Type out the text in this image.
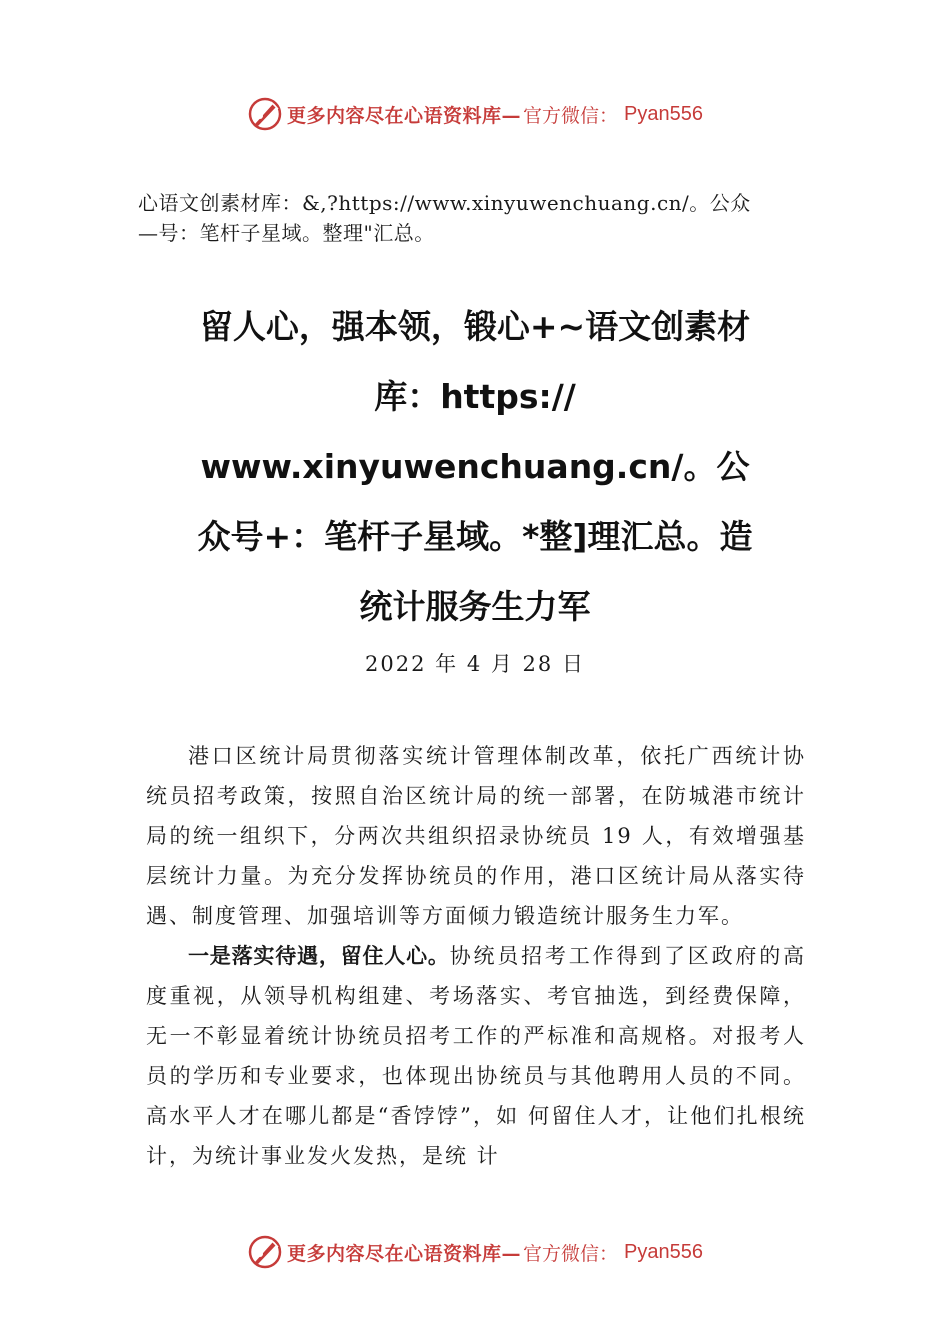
更多内容尽在心语资料库— 官方微信： Pyan556
心语文创素材库：&,?https://www.xinyuwenchuang.cn/。公众
—号：笔杆子星域。整理"汇总。
留人心，强本领，锻心+~语文创素材
库：https://
www.xinyuwenchuang.cn/。公
众号+：笔杆子星域。*整]理汇总。造
统计服务生力军
2022 年 4 月 28 日

港口区统计局贯彻落实统计管理体制改革，依托广西统计协统员招考政策，按照自治区统计局的统一部署，在防城港市统计局的统一组织下，分两次共组织招录协统员 19 人，有效增强基层统计力量。为充分发挥协统员的作用，港口区统计局从落实待遇、制度管理、加强培训等方面倾力锻造统计服务生力军。

一是落实待遇，留住人心。协统员招考工作得到了区政府的高度重视，从领导机构组建、考场落实、考官抽选，到经费保障，无一不彰显着统计协统员招考工作的严标准和高规格。对报考人员的学历和专业要求，也体现出协统员与其他聘用人员的不同。高水平人才在哪儿都是“香饽饽”，如 何留住人才，让他们扎根统计，为统计事业发火发热，是统 计

更多内容尽在心语资料库— 官方微信： Pyan556
